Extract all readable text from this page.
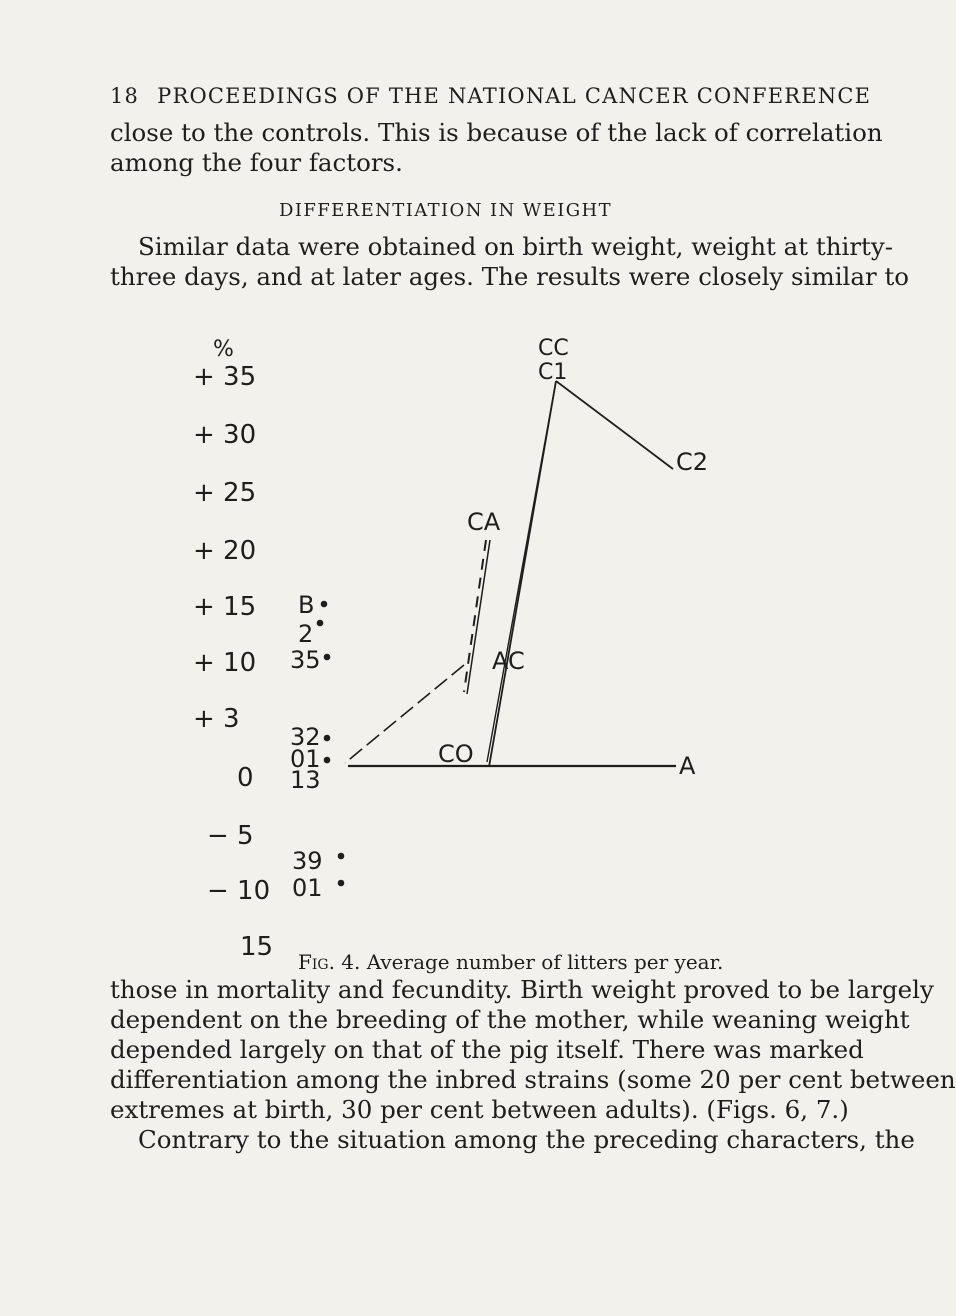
18 PROCEEDINGS OF THE NATIONAL CANCER CONFERENCE
close to the controls. This is because of the lack of correlation
among the four factors.
DIFFERENTIATION IN WEIGHT
Similar data were obtained on birth weight, weight at thirty-
three days, and at later ages. The results were closely similar to
%
+ 35
+ 30
+ 25
+ 20
+ 15
+ 10
+ 3
0
− 5
− 10
15
CC
C1
C2
CA
AC
CO	A
B
2
35
32
01
13
39
01
Fig. 4. Average number of litters per year.
those in mortality and fecundity. Birth weight proved to be largely
dependent on the breeding of the mother, while weaning weight
depended largely on that of the pig itself. There was marked
differentiation among the inbred strains (some 20 per cent between
extremes at birth, 30 per cent between adults). (Figs. 6, 7.)
Contrary to the situation among the preceding characters, the
